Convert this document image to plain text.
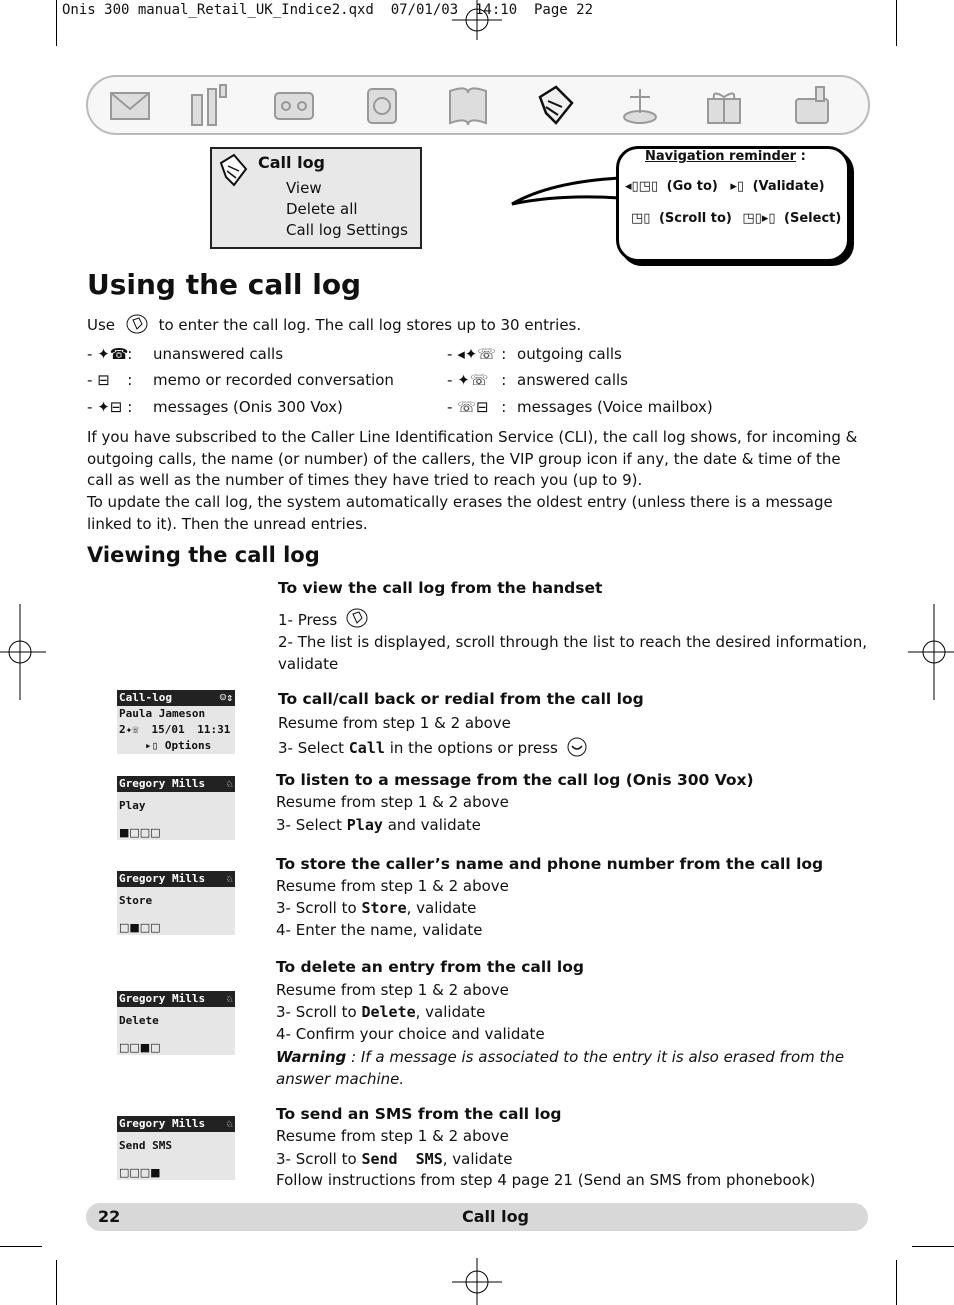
Onis 300 manual_Retail_UK_Indice2.qxd  07/01/03  14:10  Page 22
Call log
View
Delete all
Call log Settings
Navigation reminder :
◂▯◳▯ (Go to) ▸▯ (Validate)
◳▯ (Scroll to) ◳▯▸▯ (Select)
Using the call log
Use	to enter the call log. The call log stores up to 30 entries.
- ✦☎: unanswered calls	- ◂✦☏ : outgoing calls
- ⊟ : memo or recorded conversation	- ✦☏ : answered calls
- ✦⊟ : messages (Onis 300 Vox)	- ☏⊟ : messages (Voice mailbox)
If you have subscribed to the Caller Line Identification Service (CLI), the call log shows, for incoming & outgoing calls, the name (or number) of the callers, the VIP group icon if any, the date & time of the call as well as the number of times they have tried to reach you (up to 9).
To update the call log, the system automatically erases the oldest entry (unless there is a message linked to it). Then the unread entries.
Viewing the call log
To view the call log from the handset
1- Press
2- The list is displayed, scroll through the list to reach the desired information, validate
Call-log	☺⇕
Paula Jameson
2✦☏ 15/01 11:31
▸▯ Options
To call/call back or redial from the call log
Resume from step 1 & 2 above
3- Select Call in the options or press
Gregory Mills ♘
Play
■□□□
To listen to a message from the call log (Onis 300 Vox)
Resume from step 1 & 2 above
3- Select Play and validate
Gregory Mills ♘
Store
□■□□
To store the caller’s name and phone number from the call log
Resume from step 1 & 2 above
3- Scroll to Store, validate
4- Enter the name, validate
Gregory Mills ♘
Delete
□□■□
To delete an entry from the call log
Resume from step 1 & 2 above
3- Scroll to Delete, validate
4- Confirm your choice and validate
Warning : If a message is associated to the entry it is also erased from the answer machine.
Gregory Mills ♘
Send SMS
□□□■
To send an SMS from the call log
Resume from step 1 & 2 above
3- Scroll to Send  SMS, validate
Follow instructions from step 4 page 21 (Send an SMS from phonebook)
22	Call log
